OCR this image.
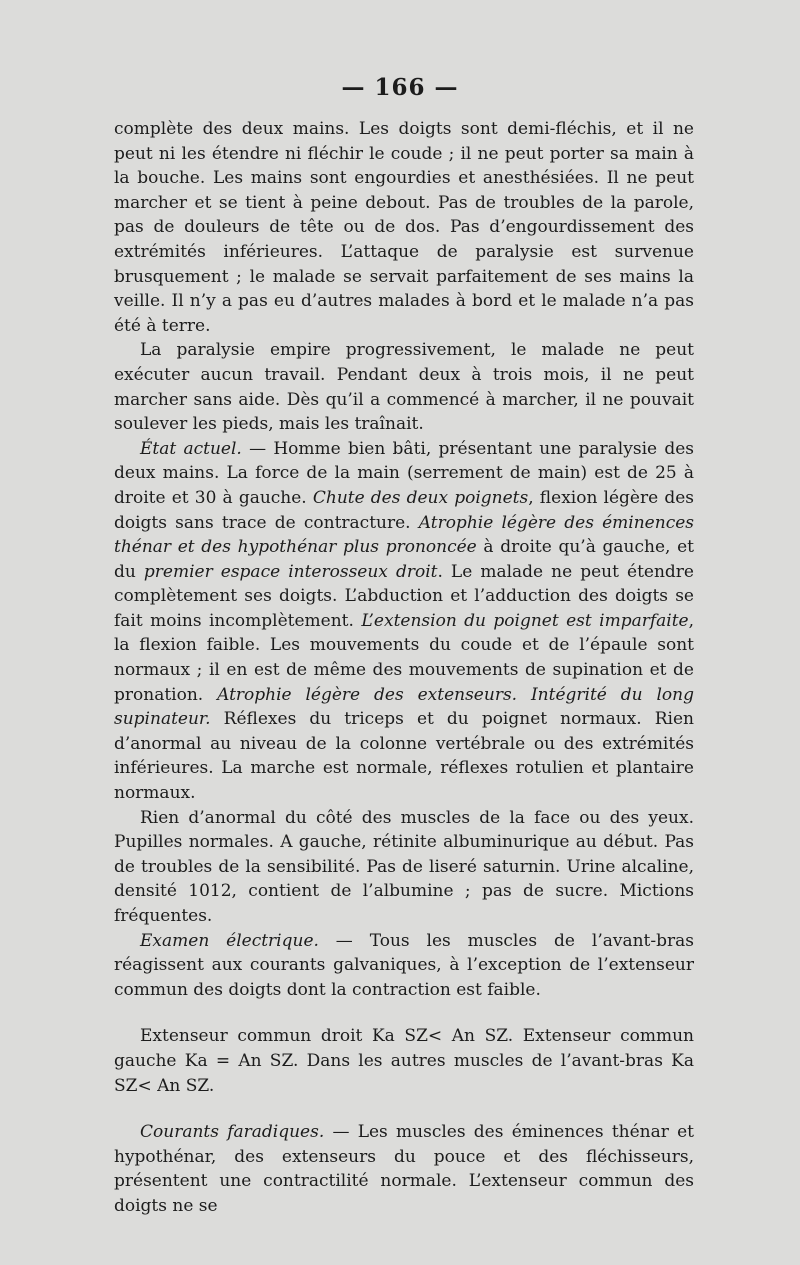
— 166 —

complète des deux mains. Les doigts sont demi-fléchis, et il ne peut ni les étendre ni fléchir le coude ; il ne peut porter sa main à la bouche. Les mains sont engourdies et anesthésiées. Il ne peut marcher et se tient à peine debout. Pas de troubles de la parole, pas de douleurs de tête ou de dos. Pas d’engourdissement des extrémités inférieures. L’attaque de paralysie est survenue brusquement ; le malade se servait parfaitement de ses mains la veille. Il n’y a pas eu d’autres malades à bord et le malade n’a pas été à terre.

La paralysie empire progressivement, le malade ne peut exécuter aucun travail. Pendant deux à trois mois, il ne peut marcher sans aide. Dès qu’il a commencé à marcher, il ne pouvait soulever les pieds, mais les traînait.

État actuel. — Homme bien bâti, présentant une paralysie des deux mains. La force de la main (serrement de main) est de 25 à droite et 30 à gauche. Chute des deux poignets, flexion légère des doigts sans trace de contracture. Atrophie légère des éminences thénar et des hypothénar plus prononcée à droite qu’à gauche, et du premier espace interosseux droit. Le malade ne peut étendre complètement ses doigts. L’abduction et l’adduction des doigts se fait moins incomplètement. L’extension du poignet est imparfaite, la flexion faible. Les mouvements du coude et de l’épaule sont normaux ; il en est de même des mouvements de supination et de pronation. Atrophie légère des extenseurs. Intégrité du long supinateur. Réflexes du triceps et du poignet normaux. Rien d’anormal au niveau de la colonne vertébrale ou des extrémités inférieures. La marche est normale, réflexes rotulien et plantaire normaux.

Rien d’anormal du côté des muscles de la face ou des yeux. Pupilles normales. A gauche, rétinite albuminurique au début. Pas de troubles de la sensibilité. Pas de liseré saturnin. Urine alcaline, densité 1012, contient de l’albumine ; pas de sucre. Mictions fréquentes.

Examen électrique. — Tous les muscles de l’avant-bras réagissent aux courants galvaniques, à l’exception de l’extenseur commun des doigts dont la contraction est faible.

Extenseur commun droit Ka SZ< An SZ. Extenseur commun gauche Ka = An SZ. Dans les autres muscles de l’avant-bras Ka SZ< An SZ.

Courants faradiques. — Les muscles des éminences thénar et hypothénar, des extenseurs du pouce et des fléchisseurs, présentent une contractilité normale. L’extenseur commun des doigts ne se
